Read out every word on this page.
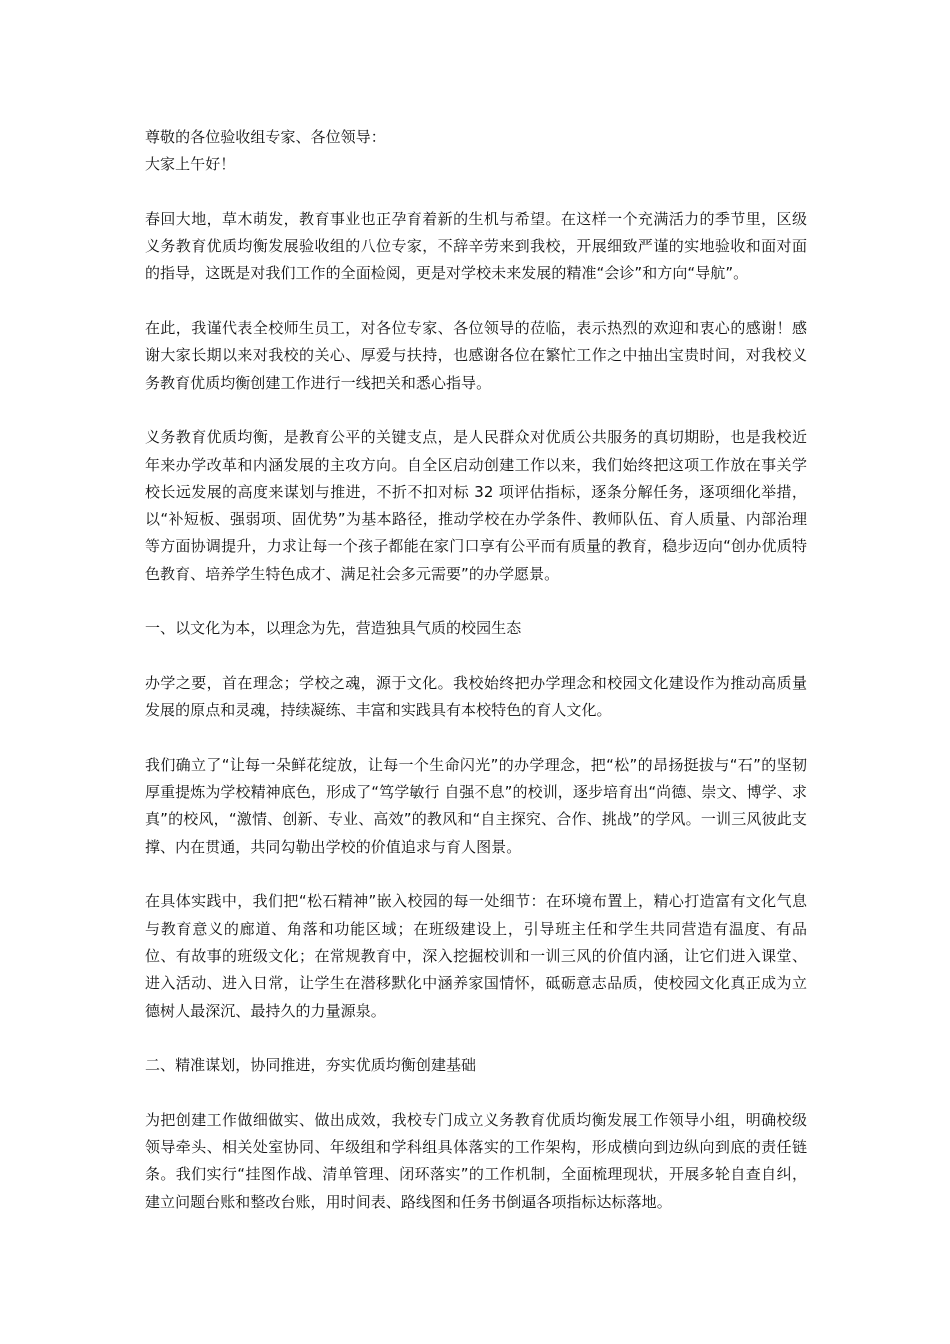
尊敬的各位验收组专家、各位领导：

大家上午好！

春回大地，草木萌发，教育事业也正孕育着新的生机与希望。在这样一个充满活力的季节里，区级义务教育优质均衡发展验收组的八位专家，不辞辛劳来到我校，开展细致严谨的实地验收和面对面的指导，这既是对我们工作的全面检阅，更是对学校未来发展的精准“会诊”和方向“导航”。

在此，我谨代表全校师生员工，对各位专家、各位领导的莅临，表示热烈的欢迎和衷心的感谢！感谢大家长期以来对我校的关心、厚爱与扶持，也感谢各位在繁忙工作之中抽出宝贵时间，对我校义务教育优质均衡创建工作进行一线把关和悉心指导。

义务教育优质均衡，是教育公平的关键支点，是人民群众对优质公共服务的真切期盼，也是我校近年来办学改革和内涵发展的主攻方向。自全区启动创建工作以来，我们始终把这项工作放在事关学校长远发展的高度来谋划与推进，不折不扣对标 32 项评估指标，逐条分解任务，逐项细化举措，以“补短板、强弱项、固优势”为基本路径，推动学校在办学条件、教师队伍、育人质量、内部治理等方面协调提升，力求让每一个孩子都能在家门口享有公平而有质量的教育，稳步迈向“创办优质特色教育、培养学生特色成才、满足社会多元需要”的办学愿景。

一、以文化为本，以理念为先，营造独具气质的校园生态

办学之要，首在理念；学校之魂，源于文化。我校始终把办学理念和校园文化建设作为推动高质量发展的原点和灵魂，持续凝练、丰富和实践具有本校特色的育人文化。

我们确立了“让每一朵鲜花绽放，让每一个生命闪光”的办学理念，把“松”的昂扬挺拔与“石”的坚韧厚重提炼为学校精神底色，形成了“笃学敏行 自强不息”的校训，逐步培育出“尚德、崇文、博学、求真”的校风，“激情、创新、专业、高效”的教风和“自主探究、合作、挑战”的学风。一训三风彼此支撑、内在贯通，共同勾勒出学校的价值追求与育人图景。

在具体实践中，我们把“松石精神”嵌入校园的每一处细节：在环境布置上，精心打造富有文化气息与教育意义的廊道、角落和功能区域；在班级建设上，引导班主任和学生共同营造有温度、有品位、有故事的班级文化；在常规教育中，深入挖掘校训和一训三风的价值内涵，让它们进入课堂、进入活动、进入日常，让学生在潜移默化中涵养家国情怀，砥砺意志品质，使校园文化真正成为立德树人最深沉、最持久的力量源泉。

二、精准谋划，协同推进，夯实优质均衡创建基础

为把创建工作做细做实、做出成效，我校专门成立义务教育优质均衡发展工作领导小组，明确校级领导牵头、相关处室协同、年级组和学科组具体落实的工作架构，形成横向到边纵向到底的责任链条。我们实行“挂图作战、清单管理、闭环落实”的工作机制，全面梳理现状，开展多轮自查自纠，建立问题台账和整改台账，用时间表、路线图和任务书倒逼各项指标达标落地。
